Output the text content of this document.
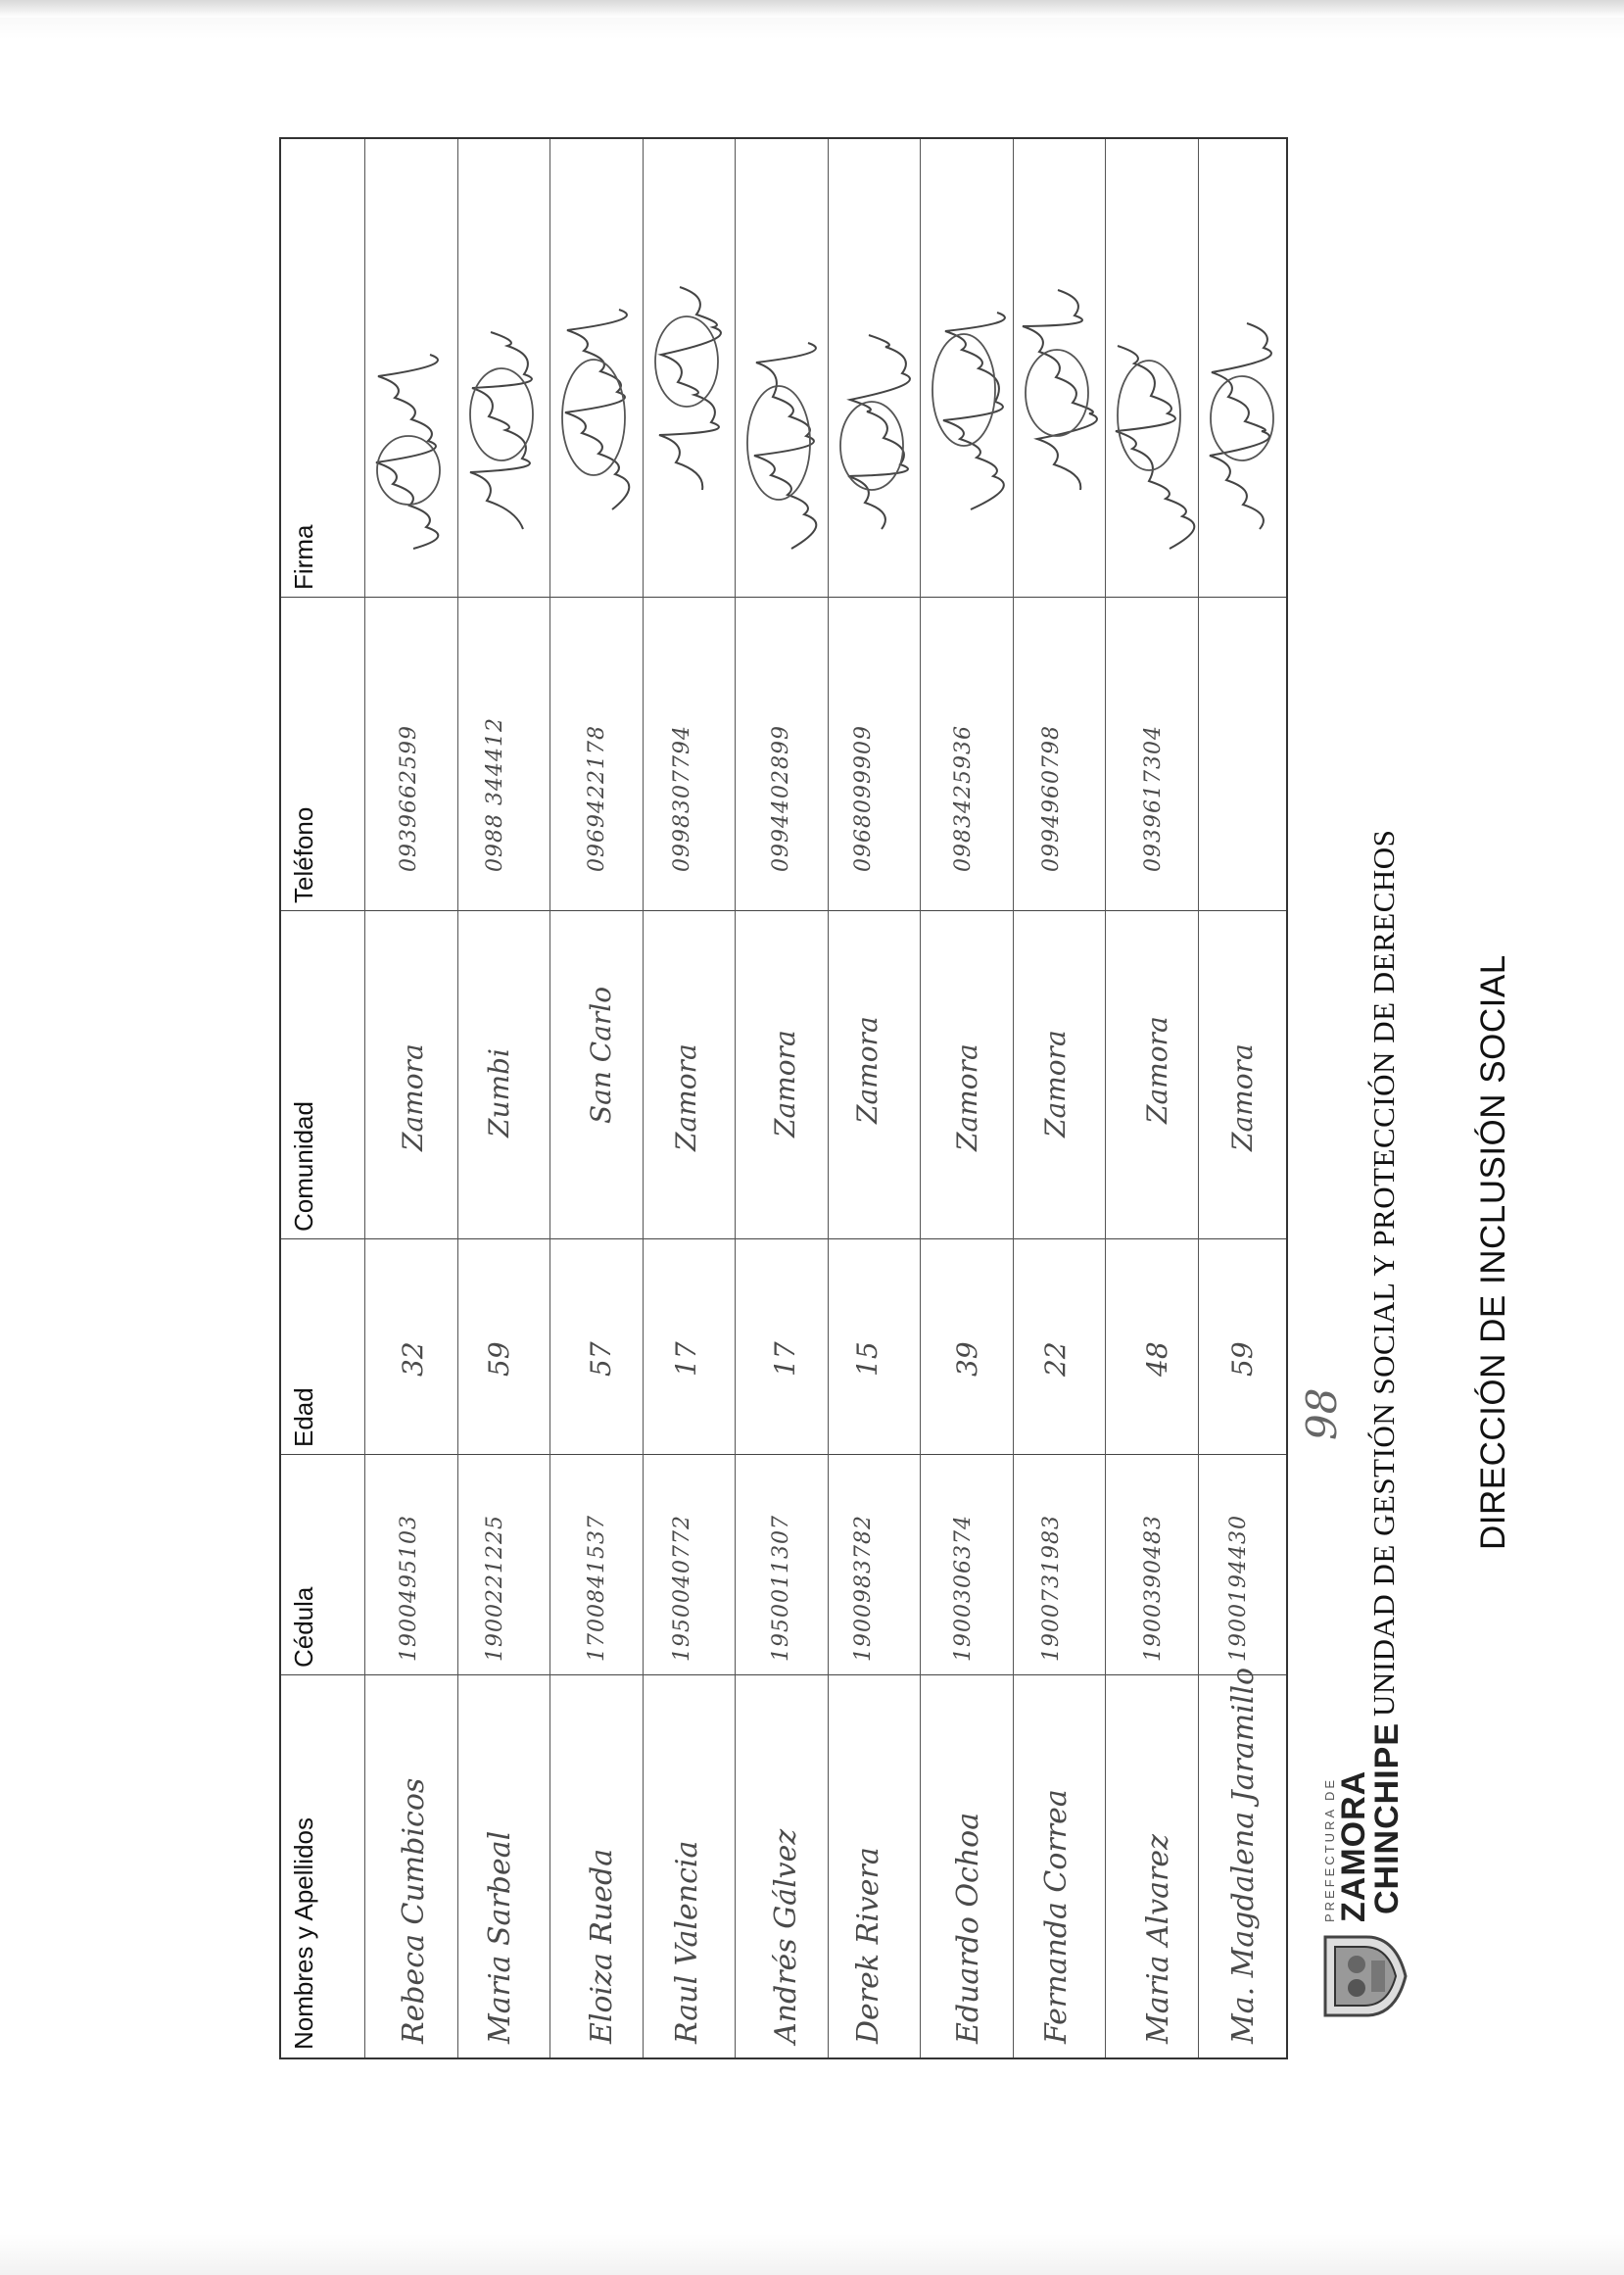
PREFECTURA DE
ZAMORA
CHINCHIPE
DIRECCIÓN DE INCLUSIÓN SOCIAL
UNIDAD DE GESTIÓN SOCIAL Y PROTECCIÓN DE DERECHOS
Nombres y Apellidos
Cédula
Edad
Comunidad
Teléfono
Firma
Rebeca Cumbicos
1900495103
32
Zamora
0939662599
Maria Sarbeal
1900221225
59
Zumbi
0988 344412
Eloiza Rueda
1700841537
57
San Carlo
0969422178
Raul Valencia
1950040772
17
Zamora
0998307794
Andrés Gálvez
1950011307
17
Zamora
0994402899
Derek Rivera
1900983782
15
Zamora
0968099909
Eduardo Ochoa
1900306374
39
Zamora
0983425936
Fernanda Correa
1900731983
22
Zamora
0994960798
Maria Alvarez
1900390483
48
Zamora
0939617304
Ma. Magdalena Jaramillo
1900194430
59
Zamora
98
